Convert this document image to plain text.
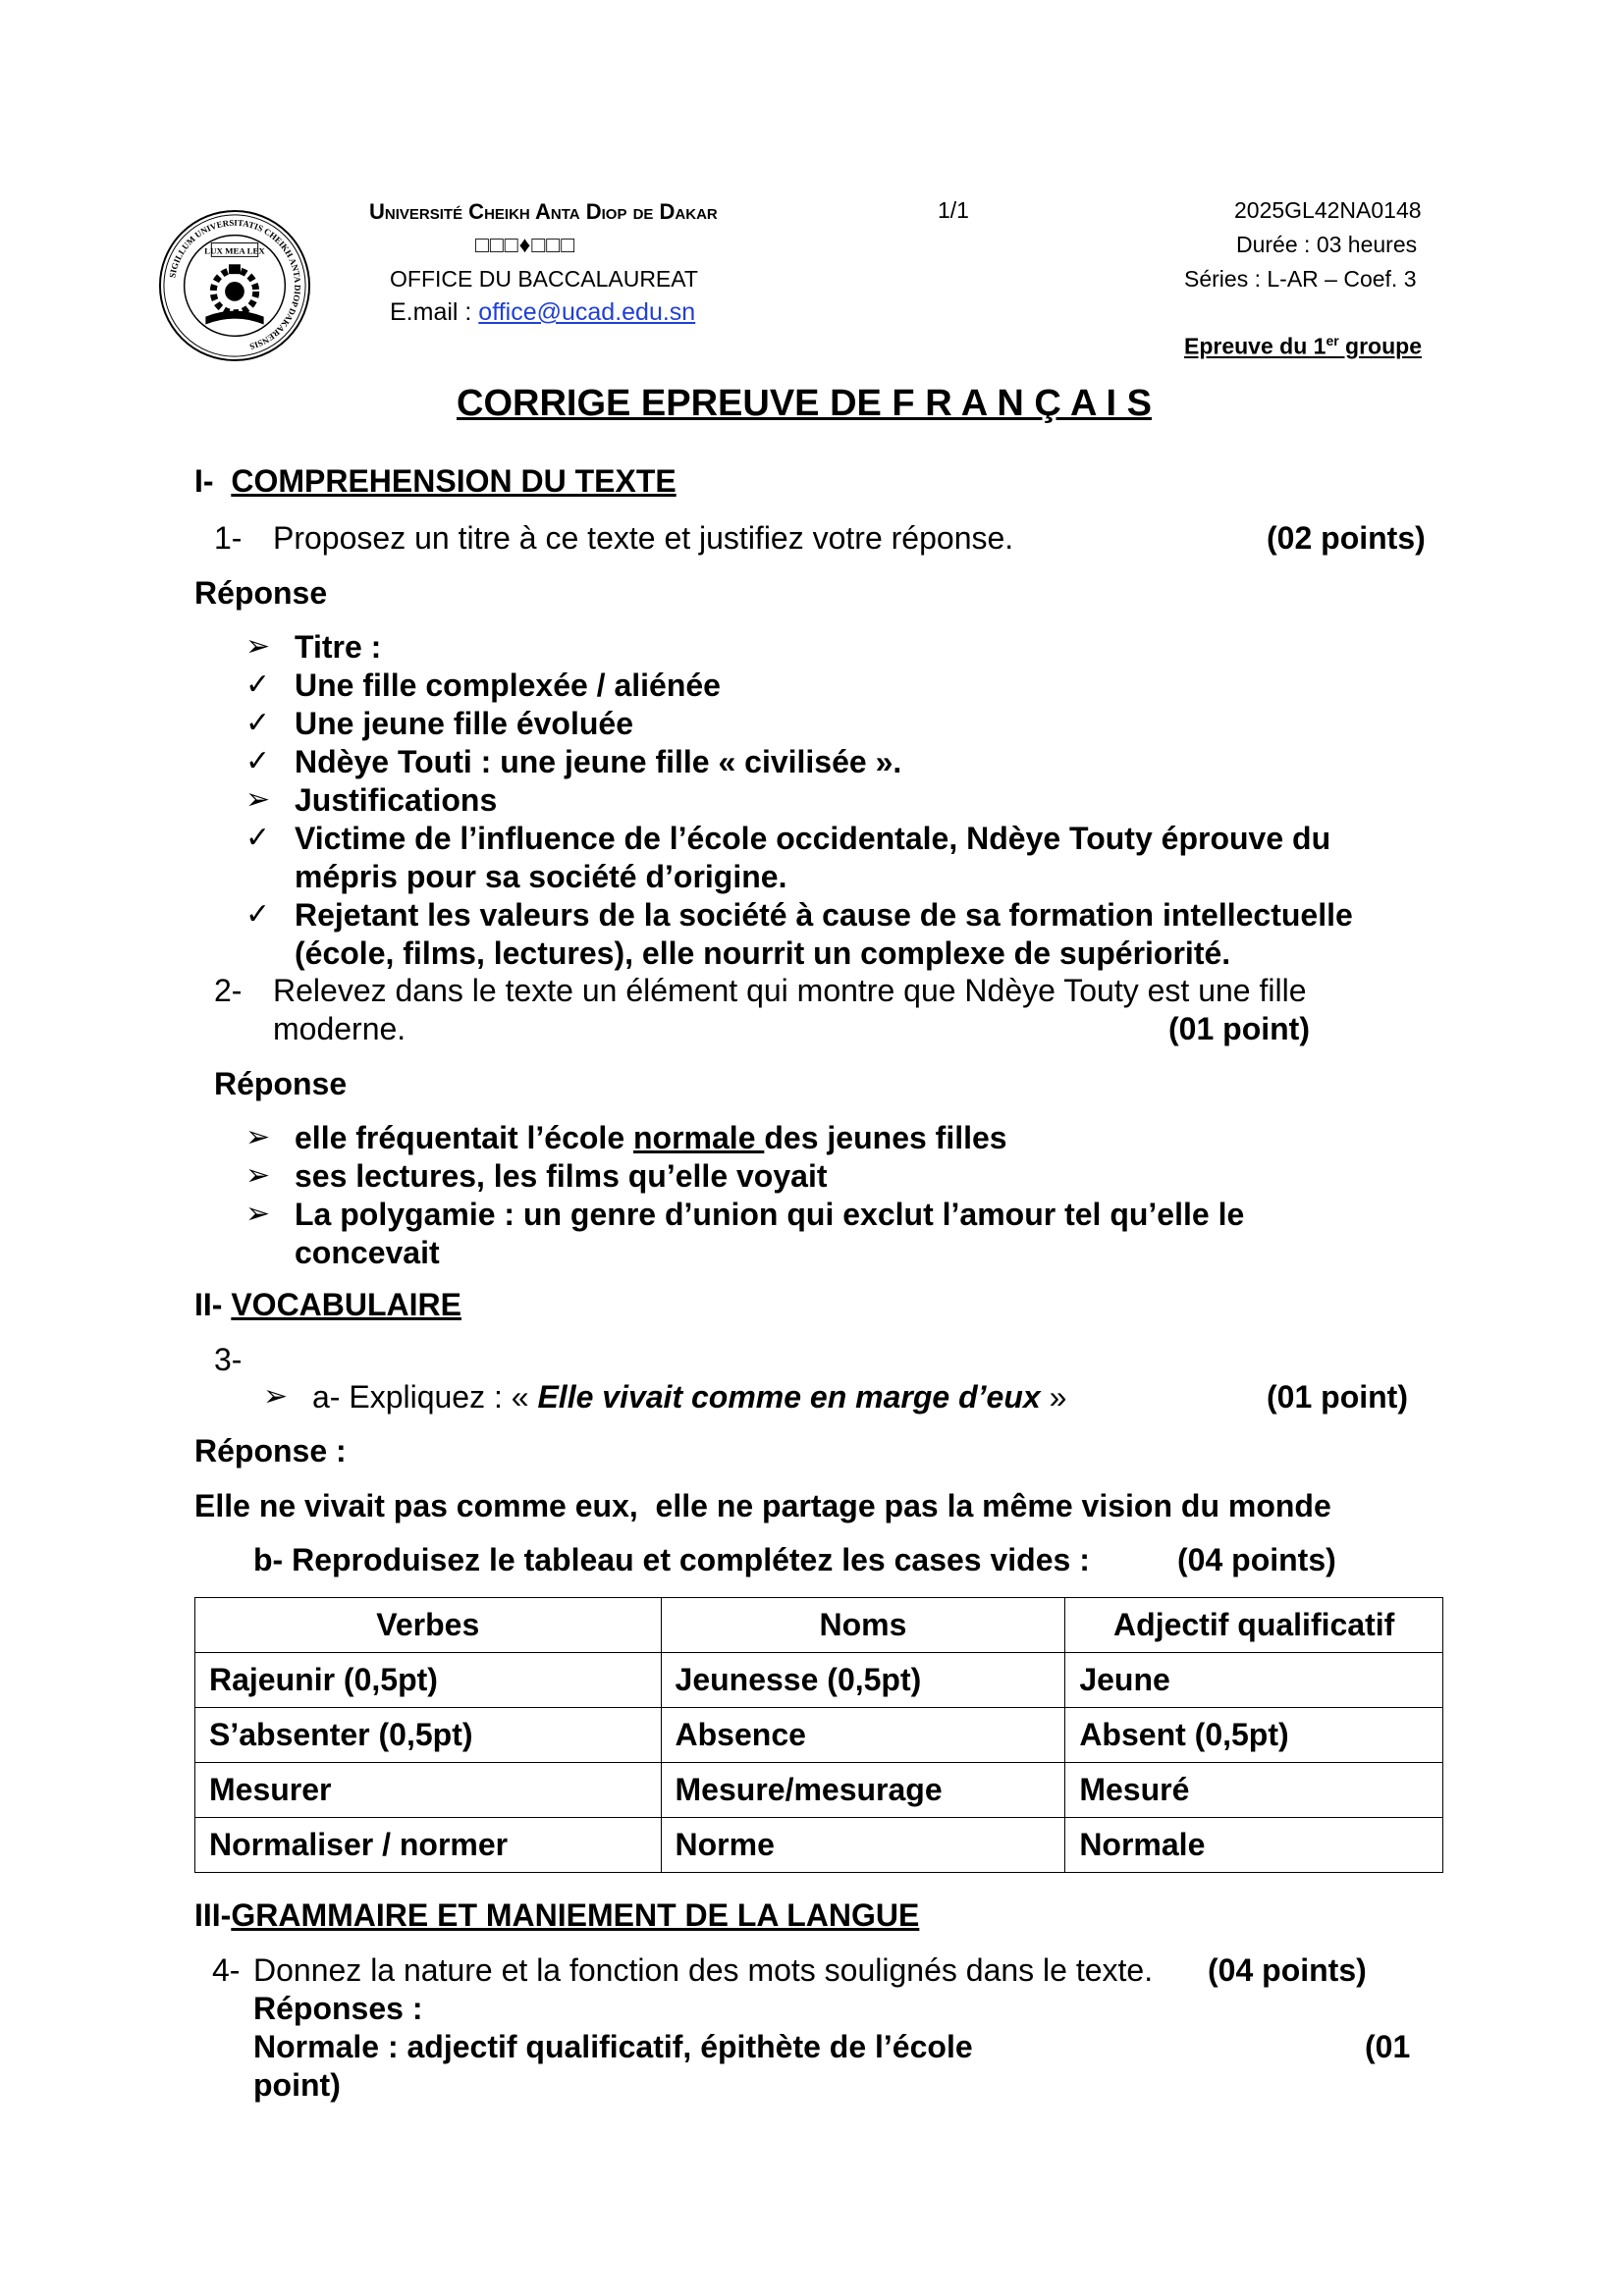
SIGILLUM UNIVERSITATIS CHEIKH ANTA DIOP DAKARENSIS
LUX MEA LEX
Université Cheikh Anta Diop de Dakar	1/1	2025GL42NA0148
□□□♦□□□	Durée : 03 heures
OFFICE DU BACCALAUREAT	Séries : L-AR – Coef. 3
E.mail : office@ucad.edu.sn
Epreuve du 1er groupe
CORRIGE EPREUVE DE F R A N Ç A I S
I- COMPREHENSION DU TEXTE
1- Proposez un titre à ce texte et justifiez votre réponse.	(02 points)
Réponse
➢ Titre :
✓ Une fille complexée / aliénée
✓ Une jeune fille évoluée
✓ Ndèye Touti : une jeune fille « civilisée ».
➢ Justifications
✓ Victime de l’influence de l’école occidentale, Ndèye Touty éprouve du
mépris pour sa société d’origine.
✓ Rejetant les valeurs de la société à cause de sa formation intellectuelle
(école, films, lectures), elle nourrit un complexe de supériorité.
2- Relevez dans le texte un élément qui montre que Ndèye Touty est une fille
moderne.	(01 point)
Réponse
➢ elle fréquentait l’école normale des jeunes filles
➢ ses lectures, les films qu’elle voyait
➢ La polygamie : un genre d’union qui exclut l’amour tel qu’elle le
concevait
II- VOCABULAIRE
3-
➢ a- Expliquez : « Elle vivait comme en marge d’eux »	(01 point)
Réponse :
Elle ne vivait pas comme eux,  elle ne partage pas la même vision du monde
b- Reproduisez le tableau et complétez les cases vides :	(04 points)
Verbes	Noms	Adjectif qualificatif
Rajeunir (0,5pt)	Jeunesse (0,5pt)	Jeune
S’absenter (0,5pt)	Absence	Absent (0,5pt)
Mesurer	Mesure/mesurage	Mesuré
Normaliser / normer	Norme	Normale
III-GRAMMAIRE ET MANIEMENT DE LA LANGUE
4- Donnez la nature et la fonction des mots soulignés dans le texte. (04 points)
Réponses :
Normale : adjectif qualificatif, épithète de l’école	(01
point)
